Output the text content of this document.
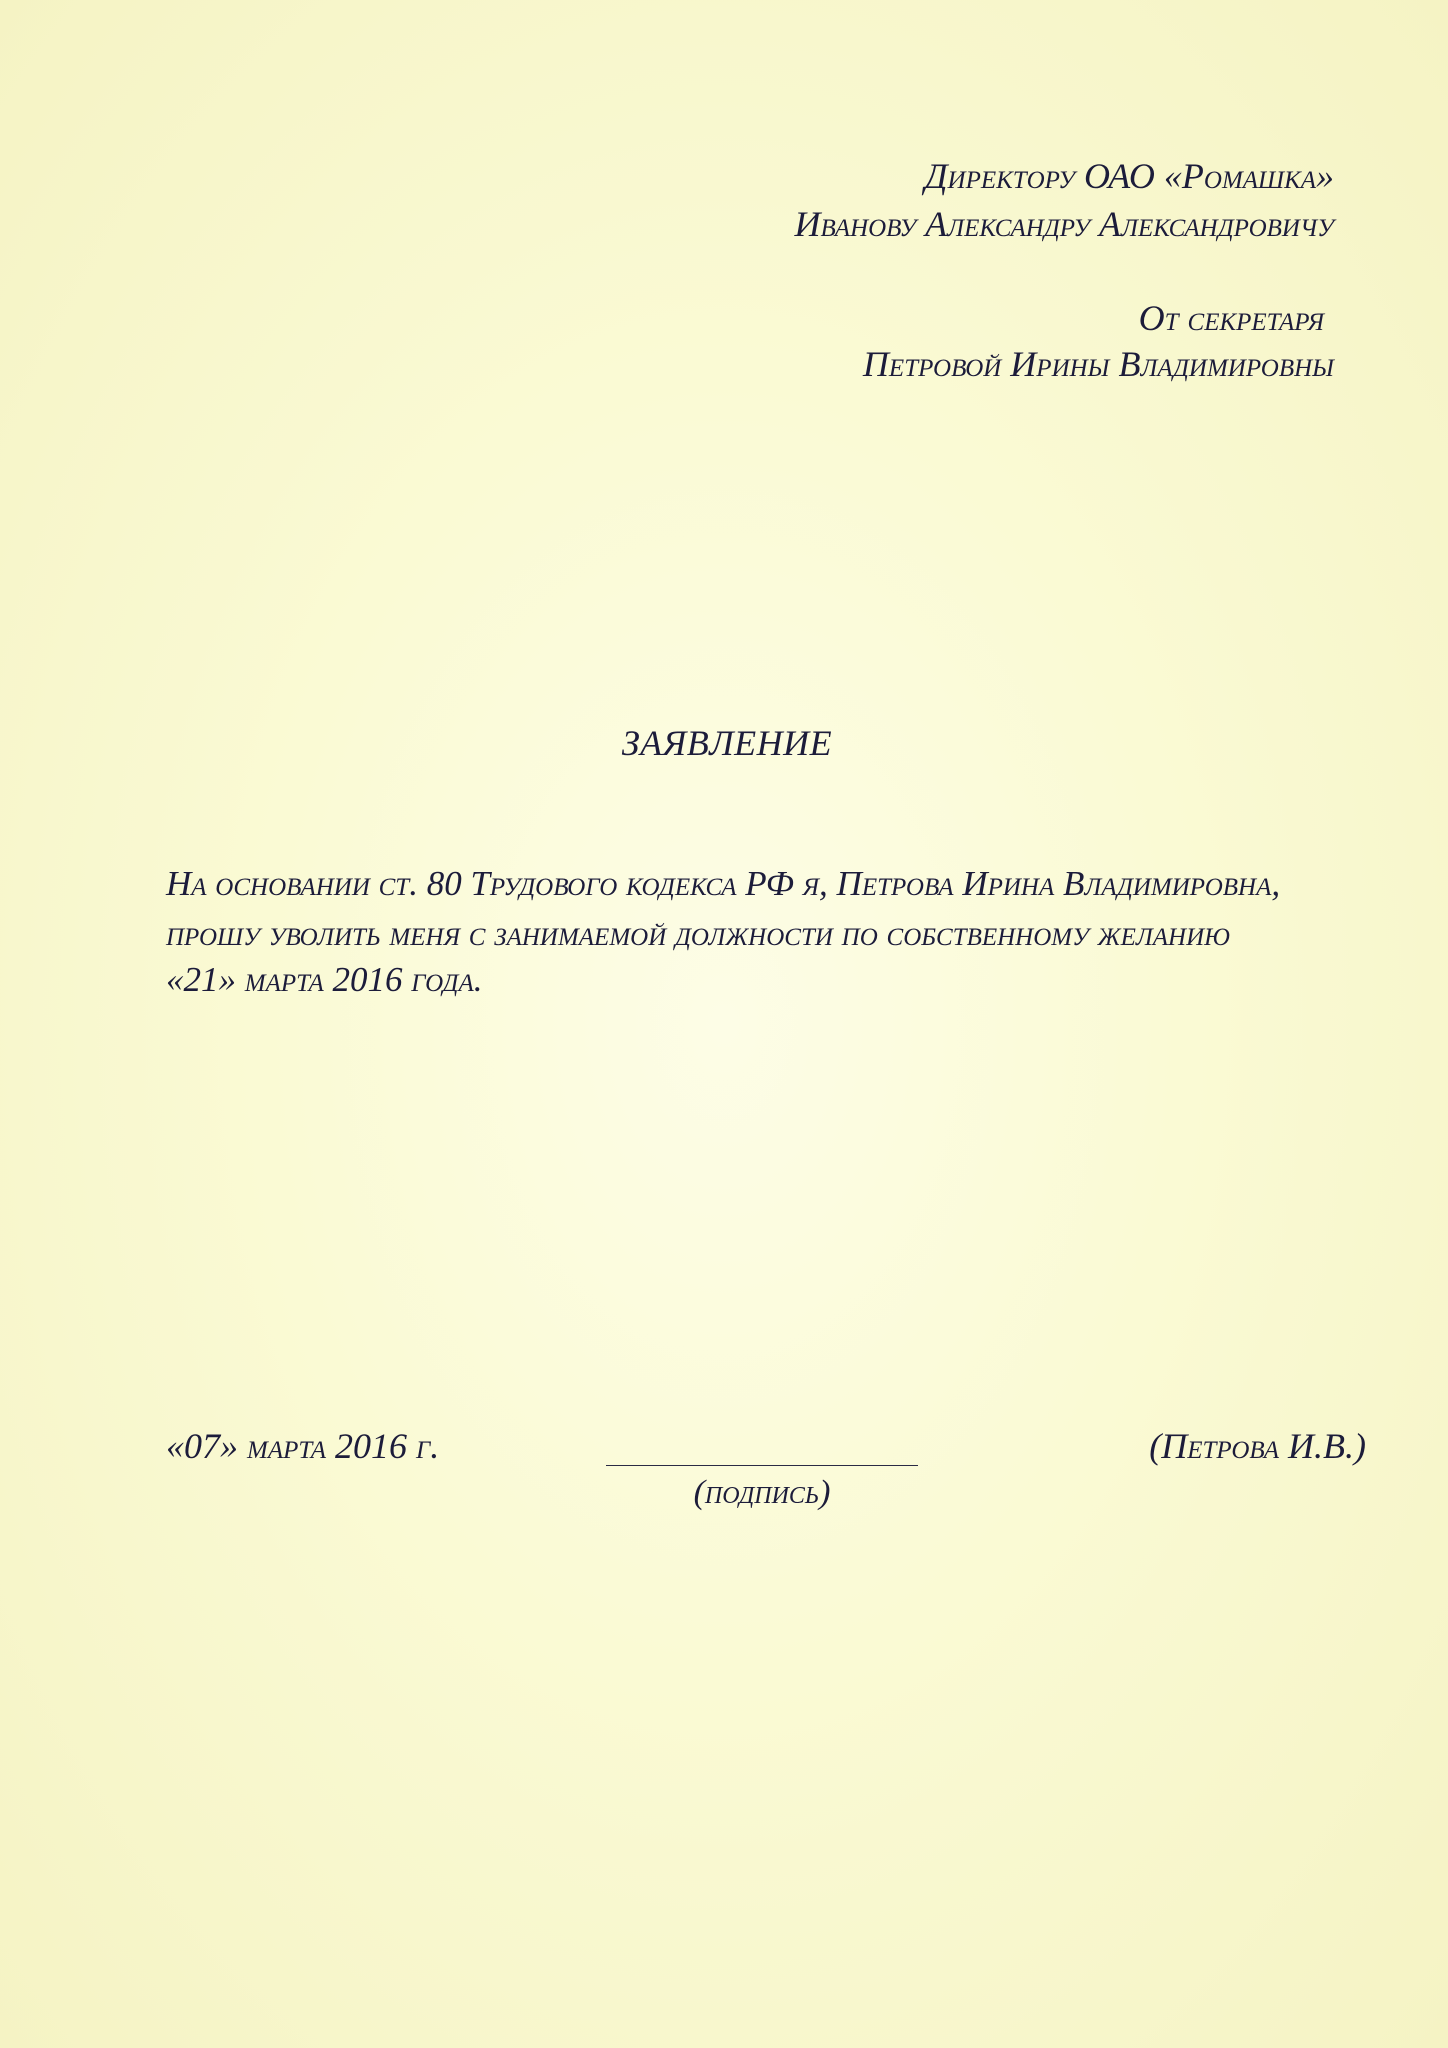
Директору ОАО «Ромашка»
Иванову Александру Александровичу
От секретаря
Петровой Ирины Владимировны
ЗАЯВЛЕНИЕ
На основании ст. 80 Трудового кодекса РФ я, Петрова Ирина Владимировна,
прошу уволить меня с занимаемой должности по собственному желанию
«21» марта 2016 года.
«07» марта 2016 г.
(подпись)
(Петрова И.В.)
